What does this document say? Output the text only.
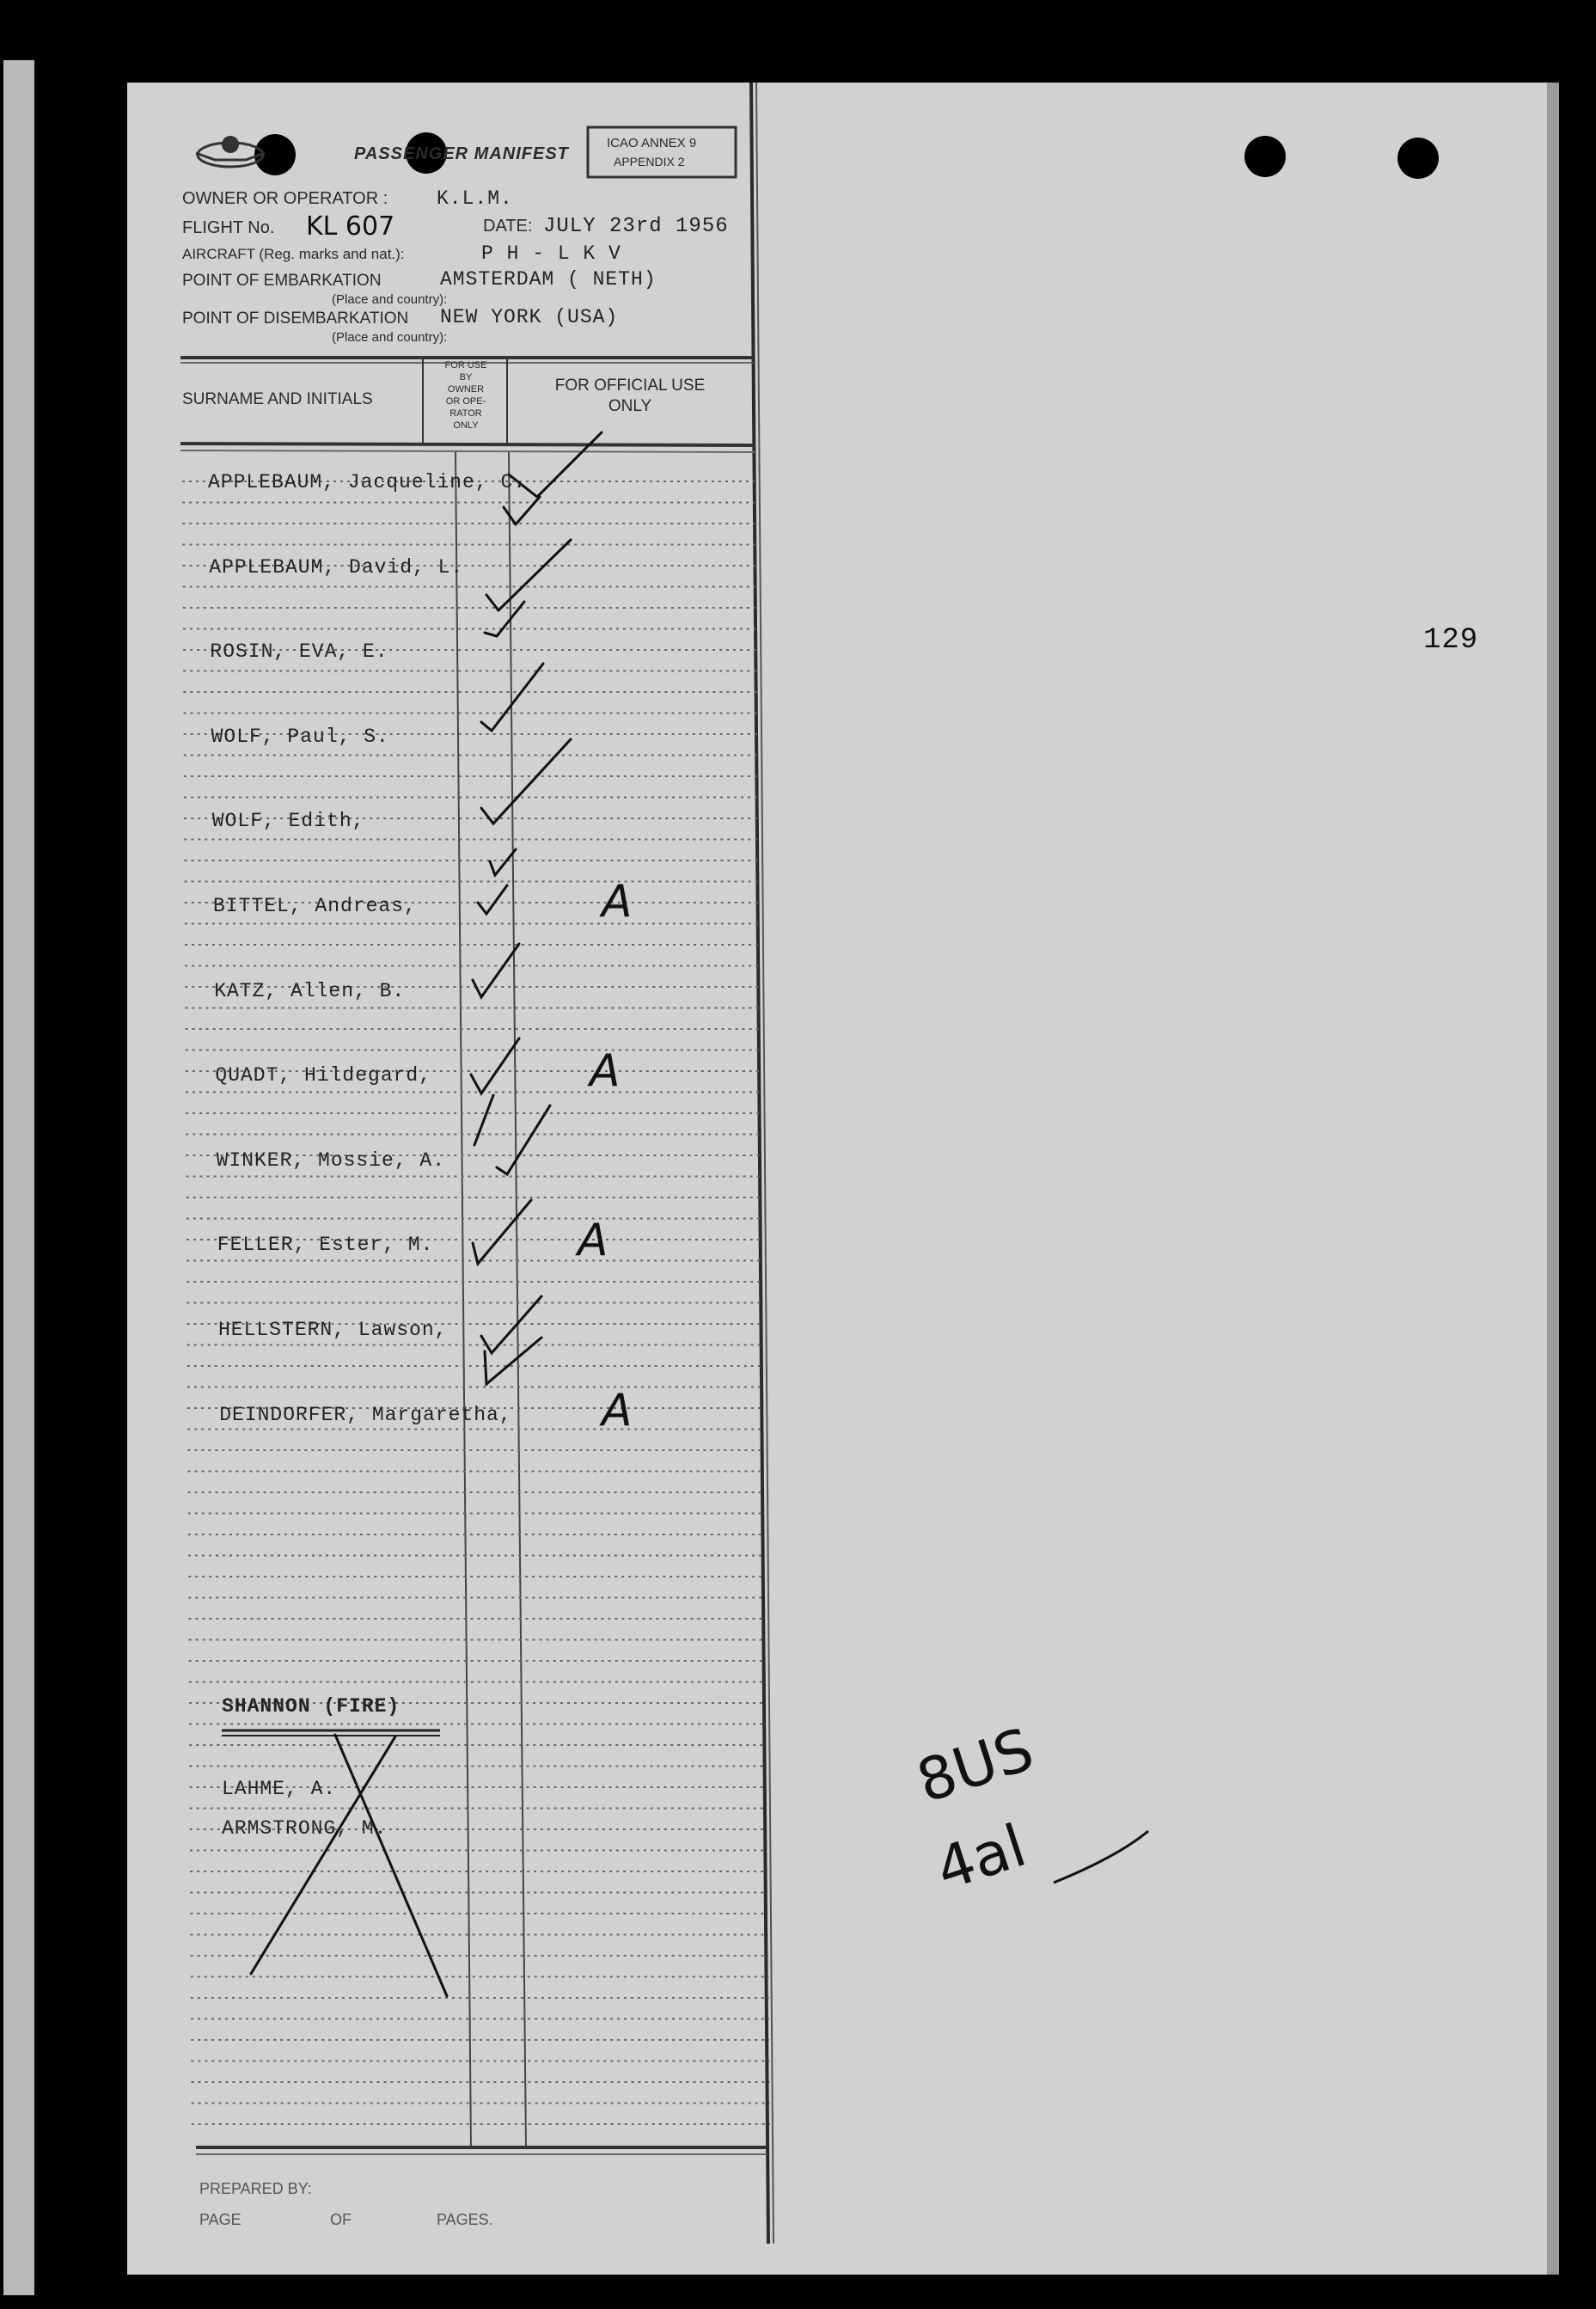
PASSENGER MANIFEST
ICAO ANNEX 9
APPENDIX 2
OWNER OR OPERATOR : K.L.M.
FLIGHT No. KL 607	DATE: JULY 23rd 1956
AIRCRAFT (Reg. marks and nat.):	P H - L K V
POINT OF EMBARKATION	AMSTERDAM ( NETH)
(Place and country):
POINT OF DISEMBARKATION NEW YORK (USA)
(Place and country):
SURNAME AND INITIALS
FOR USE
BY
OWNER
OR OPE-
RATOR
ONLY
FOR OFFICIAL USE
ONLY
APPLEBAUM, Jacqueline, C.
APPLEBAUM, David, L.
ROSIN, EVA, E.
WOLF, Paul, S.
WOLF, Edith,
BITTEL, Andreas,	A
KATZ, Allen, B.
QUADT, Hildegard,	A
WINKER, Mossie, A.
FELLER, Ester, M.	A
HELLSTERN, Lawson,
DEINDORFER, Margaretha, A
SHANNON (FIRE)
LAHME, A.
ARMSTRONG, M.
PREPARED BY:
PAGE	OF	PAGES.
129
8US
4al
